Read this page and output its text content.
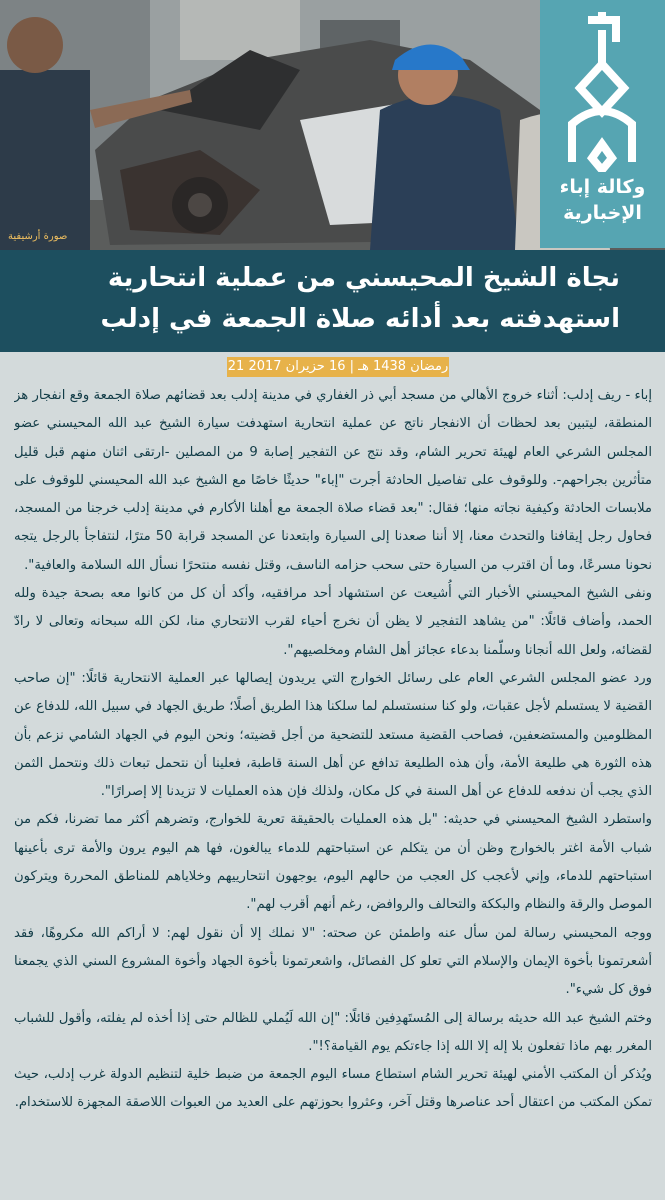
صورة أرشيفية
وكالة إباء
الإخبارية
نجاة الشيخ المحيسني من عملية انتحارية
استهدفته بعد أدائه صلاة الجمعة في إدلب
21 رمضان 1438 هـ | 16 حزيران 2017

إباء - ريف إدلب: أثناء خروج الأهالي من مسجد أبي ذر الغفاري في مدينة إدلب بعد قضائهم صلاة الجمعة وقع انفجار هز المنطقة، ليتبين بعد لحظات أن الانفجار ناتج عن عملية انتحارية استهدفت سيارة الشيخ عبد الله المحيسني عضو المجلس الشرعي العام لهيئة تحرير الشام، وقد نتج عن التفجير إصابة 9 من المصلين -ارتقى اثنان منهم قبل قليل متأثرين بجراحهم-. وللوقوف على تفاصيل الحادثة أجرت "إباء" حديثًا خاصًا مع الشيخ عبد الله المحيسني للوقوف على ملابسات الحادثة وكيفية نجاته منها؛ فقال: "بعد قضاء صلاة الجمعة مع أهلنا الأكارم في مدينة إدلب خرجنا من المسجد، فحاول رجل إيقافنا والتحدث معنا، إلا أننا صعدنا إلى السيارة وابتعدنا عن المسجد قرابة 50 مترًا، لنتفاجأ بالرجل يتجه نحونا مسرعًا، وما أن اقترب من السيارة حتى سحب حزامه الناسف، وقتل نفسه منتحرًا نسأل الله السلامة والعافية".

ونفى الشيخ المحيسني الأخبار التي أُشيعت عن استشهاد أحد مرافقيه، وأكد أن كل من كانوا معه بصحة جيدة ولله الحمد، وأضاف قائلًا: "من يشاهد التفجير لا يظن أن نخرج أحياء لقرب الانتحاري منا، لكن الله سبحانه وتعالى لا رادّ لقضائه، ولعل الله أنجانا وسلّمنا بدعاء عجائز أهل الشام ومخلصيهم".

ورد عضو المجلس الشرعي العام على رسائل الخوارج التي يريدون إيصالها عبر العملية الانتحارية قائلًا: "إن صاحب القضية لا يستسلم لأجل عقبات، ولو كنا سنستسلم لما سلكنا هذا الطريق أصلًا؛ طريق الجهاد في سبيل الله، للدفاع عن المظلومين والمستضعفين، فصاحب القضية مستعد للتضحية من أجل قضيته؛ ونحن اليوم في الجهاد الشامي نزعم بأن هذه الثورة هي طليعة الأمة، وأن هذه الطليعة تدافع عن أهل السنة قاطبة، فعلينا أن نتحمل تبعات ذلك ونتحمل الثمن الذي يجب أن ندفعه للدفاع عن أهل السنة في كل مكان، ولذلك فإن هذه العمليات لا تزيدنا إلا إصرارًا".

واستطرد الشيخ المحيسني في حديثه: "بل هذه العمليات بالحقيقة تعرية للخوارج، وتضرهم أكثر مما تضرنا، فكم من شباب الأمة اغتر بالخوارج وظن أن من يتكلم عن استباحتهم للدماء يبالغون، فها هم اليوم يرون والأمة ترى بأعينها استباحتهم للدماء، وإني لأعجب كل العجب من حالهم اليوم، يوجهون انتحارييهم وخلاياهم للمناطق المحررة ويتركون الموصل والرقة والنظام والبككة والتحالف والروافض، رغم أنهم أقرب لهم".

ووجه المحيسني رسالة لمن سأل عنه واطمئن عن صحته: "لا نملك إلا أن نقول لهم: لا أراكم الله مكروهًا، فقد أشعرتمونا بأخوة الإيمان والإسلام التي تعلو كل الفصائل، واشعرتمونا بأخوة الجهاد وأخوة المشروع السني الذي يجمعنا فوق كل شيء".

وختم الشيخ عبد الله حديثه برسالة إلى المُستَهدِفين قائلًا: "إن الله لَيُملي للظالم حتى إذا أخذه لم يفلته، وأقول للشباب المغرر بهم ماذا تفعلون بلا إله إلا الله إذا جاءتكم يوم القيامة؟!".

ويُذكر أن المكتب الأمني لهيئة تحرير الشام استطاع مساء اليوم الجمعة من ضبط خلية لتنظيم الدولة غرب إدلب، حيث تمكن المكتب من اعتقال أحد عناصرها وقتل آخر، وعثروا بحوزتهم على العديد من العبوات اللاصقة المجهزة للاستخدام.
